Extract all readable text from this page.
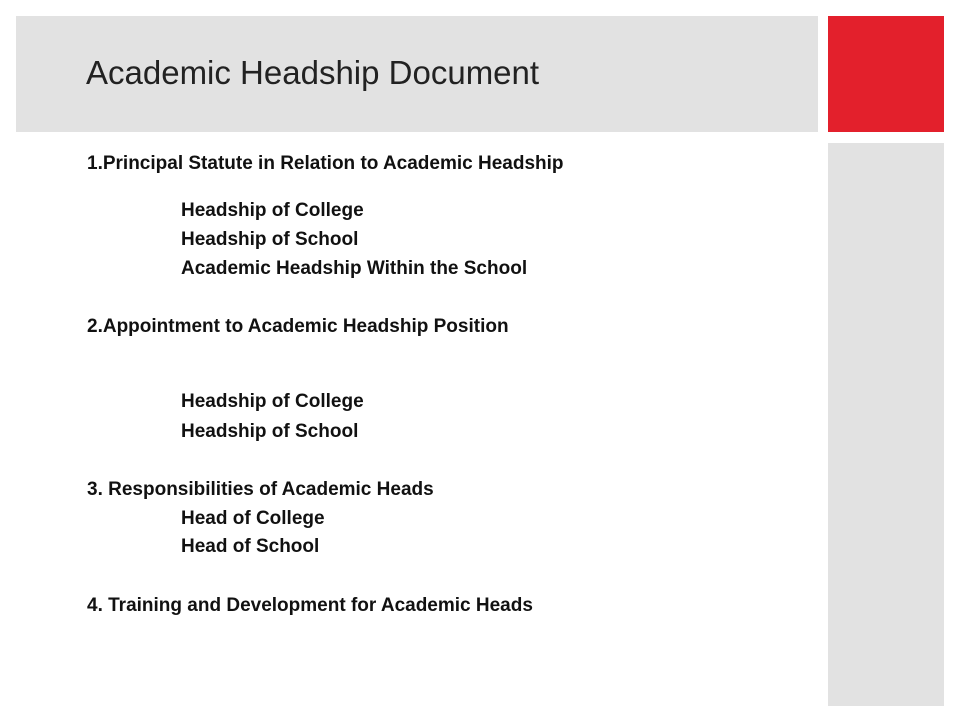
Academic Headship Document
1.Principal Statute in Relation to Academic Headship
Headship of College
Headship of School
Academic Headship Within the School
2.Appointment to Academic Headship Position
Headship of College
Headship of School
3. Responsibilities of Academic Heads
Head of College
Head of School
4. Training and Development for Academic Heads
